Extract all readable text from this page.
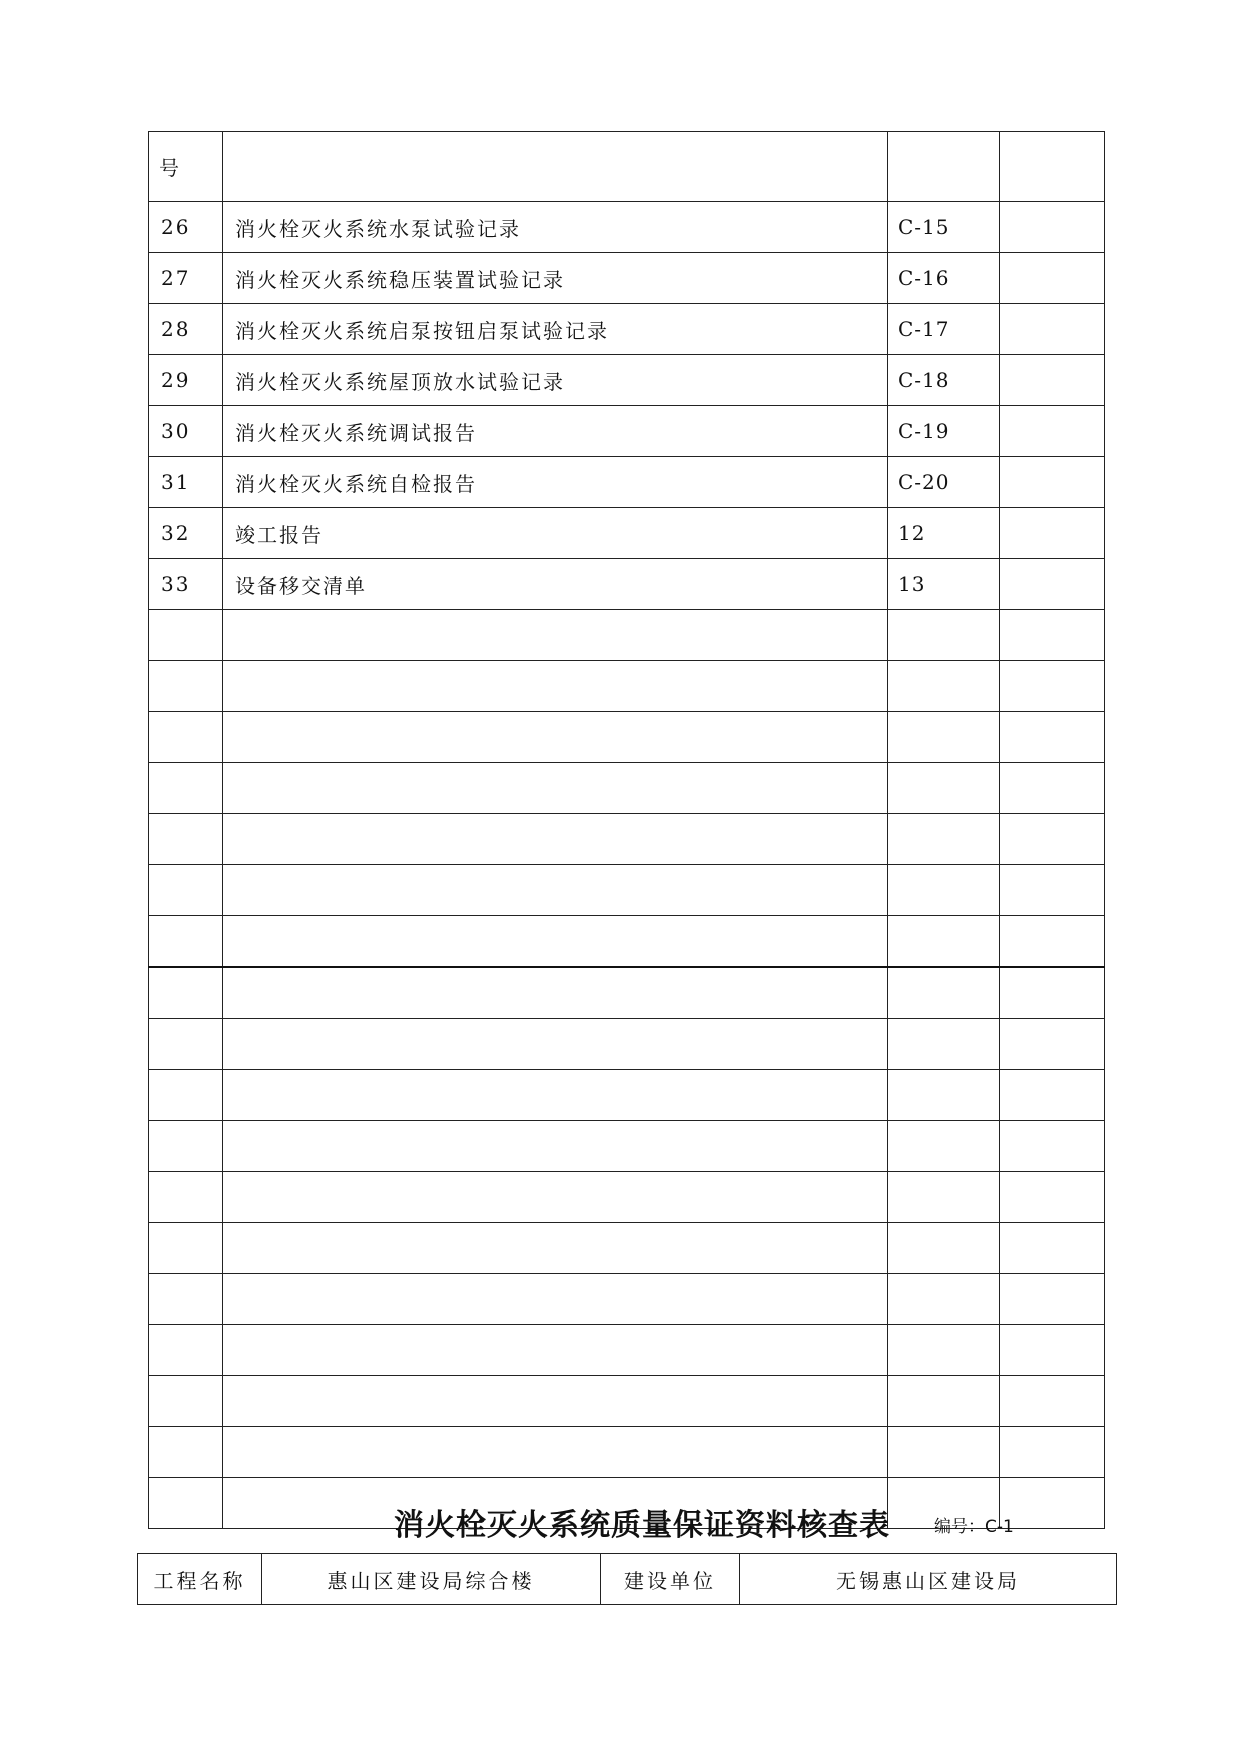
号			
26	消火栓灭火系统水泵试验记录	C-15	
27	消火栓灭火系统稳压装置试验记录	C-16	
28	消火栓灭火系统启泵按钮启泵试验记录	C-17	
29	消火栓灭火系统屋顶放水试验记录	C-18	
30	消火栓灭火系统调试报告	C-19	
31	消火栓灭火系统自检报告	C-20	
32	竣工报告	12	
33	设备移交清单	13	

消火栓灭火系统质量保证资料核查表	编号：C-1
工程名称	惠山区建设局综合楼	建设单位	无锡惠山区建设局
